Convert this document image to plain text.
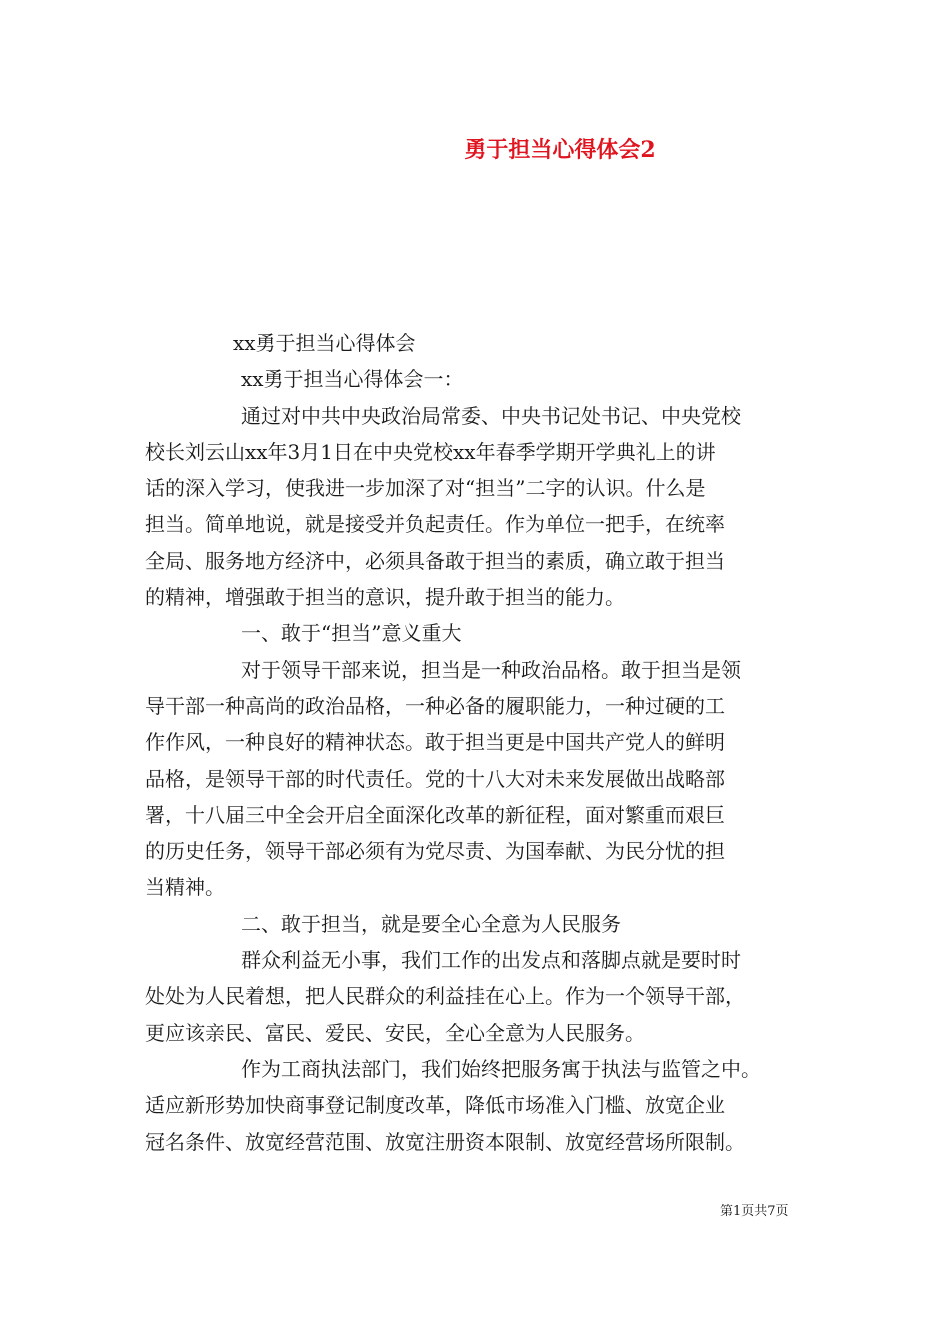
勇于担当心得体会2
xx勇于担当心得体会
xx勇于担当心得体会一：
通过对中共中央政治局常委、中央书记处书记、中央党校
校长刘云山xx年3月1日在中央党校xx年春季学期开学典礼上的讲
话的深入学习，使我进一步加深了对“担当”二字的认识。什么是
担当。简单地说，就是接受并负起责任。作为单位一把手，在统率
全局、服务地方经济中，必须具备敢于担当的素质，确立敢于担当
的精神，增强敢于担当的意识，提升敢于担当的能力。
一、敢于“担当”意义重大
对于领导干部来说，担当是一种政治品格。敢于担当是领
导干部一种高尚的政治品格，一种必备的履职能力，一种过硬的工
作作风，一种良好的精神状态。敢于担当更是中国共产党人的鲜明
品格，是领导干部的时代责任。党的十八大对未来发展做出战略部
署，十八届三中全会开启全面深化改革的新征程，面对繁重而艰巨
的历史任务，领导干部必须有为党尽责、为国奉献、为民分忧的担
当精神。
二、敢于担当，就是要全心全意为人民服务
群众利益无小事，我们工作的出发点和落脚点就是要时时
处处为人民着想，把人民群众的利益挂在心上。作为一个领导干部，
更应该亲民、富民、爱民、安民，全心全意为人民服务。
作为工商执法部门，我们始终把服务寓于执法与监管之中。
适应新形势加快商事登记制度改革，降低市场准入门槛、放宽企业
冠名条件、放宽经营范围、放宽注册资本限制、放宽经营场所限制。
第1页共7页
